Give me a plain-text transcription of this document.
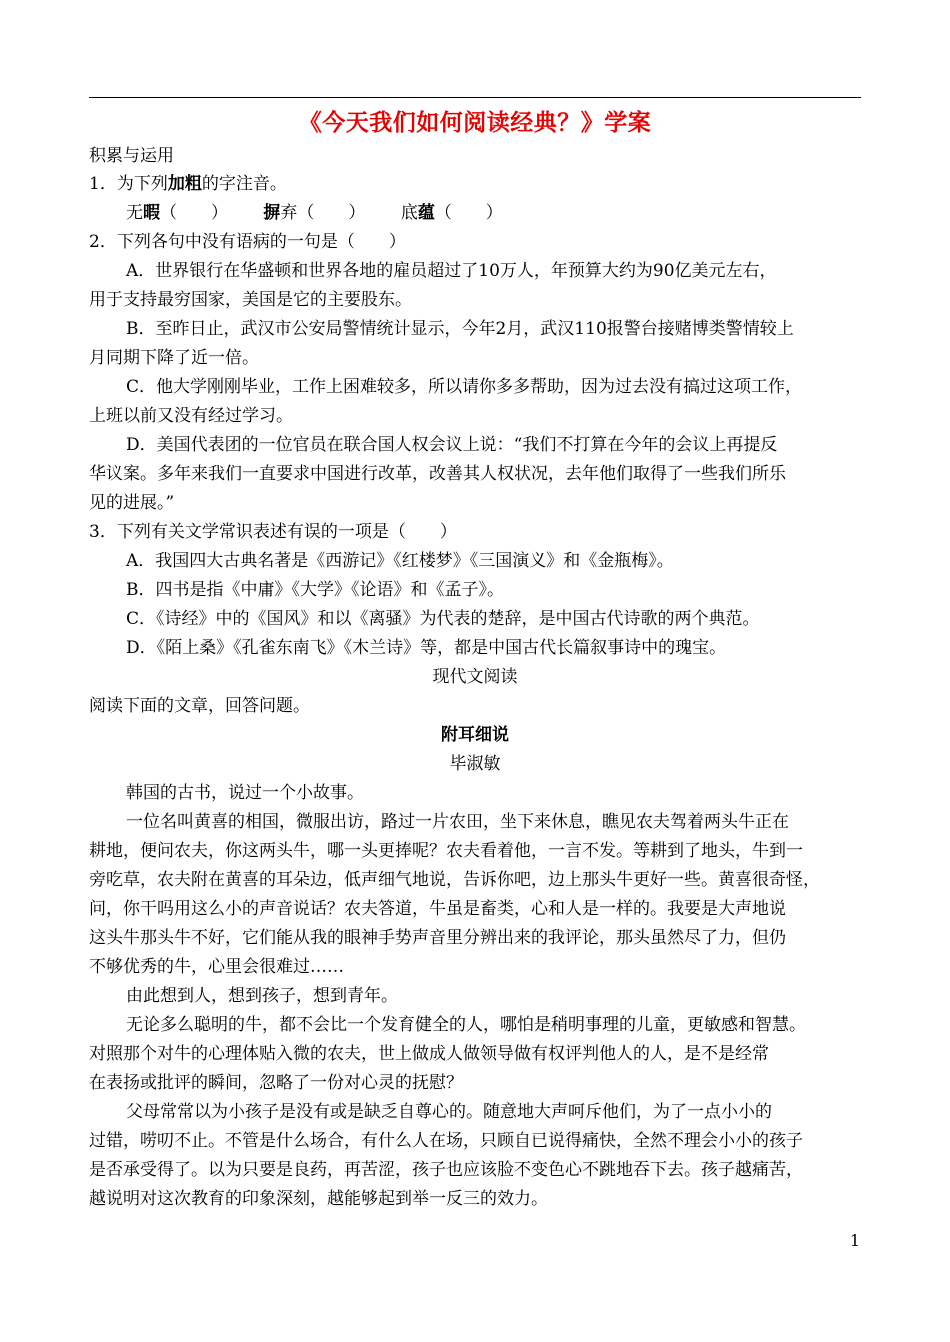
《今天我们如何阅读经典？》学案
积累与运用
1．为下列加粗的字注音。
无暇（　　） 摒弃（　　） 底蕴（　　）
2．下列各句中没有语病的一句是（　　）
A．世界银行在华盛顿和世界各地的雇员超过了10万人，年预算大约为90亿美元左右，
用于支持最穷国家，美国是它的主要股东。
B．至昨日止，武汉市公安局警情统计显示，今年2月，武汉110报警台接赌博类警情较上
月同期下降了近一倍。
C．他大学刚刚毕业，工作上困难较多，所以请你多多帮助，因为过去没有搞过这项工作，
上班以前又没有经过学习。
D．美国代表团的一位官员在联合国人权会议上说：“我们不打算在今年的会议上再提反
华议案。多年来我们一直要求中国进行改革，改善其人权状况，去年他们取得了一些我们所乐
见的进展。”
3．下列有关文学常识表述有误的一项是（　　）
A．我国四大古典名著是《西游记》《红楼梦》《三国演义》和《金瓶梅》。
B．四书是指《中庸》《大学》《论语》和《孟子》。
C．《诗经》中的《国风》和以《离骚》为代表的楚辞，是中国古代诗歌的两个典范。
D．《陌上桑》《孔雀东南飞》《木兰诗》等，都是中国古代长篇叙事诗中的瑰宝。
现代文阅读
阅读下面的文章，回答问题。
附耳细说
毕淑敏
韩国的古书，说过一个小故事。
一位名叫黄喜的相国，微服出访，路过一片农田，坐下来休息，瞧见农夫驾着两头牛正在
耕地，便问农夫，你这两头牛，哪一头更捧呢？农夫看着他，一言不发。等耕到了地头，牛到一
旁吃草，农夫附在黄喜的耳朵边，低声细气地说，告诉你吧，边上那头牛更好一些。黄喜很奇怪，
问，你干吗用这么小的声音说话？农夫答道，牛虽是畜类，心和人是一样的。我要是大声地说
这头牛那头牛不好，它们能从我的眼神手势声音里分辨出来的我评论，那头虽然尽了力，但仍
不够优秀的牛，心里会很难过……
由此想到人，想到孩子，想到青年。
无论多么聪明的牛，都不会比一个发育健全的人，哪怕是稍明事理的儿童，更敏感和智慧。
对照那个对牛的心理体贴入微的农夫，世上做成人做领导做有权评判他人的人，是不是经常
在表扬或批评的瞬间，忽略了一份对心灵的抚慰？
父母常常以为小孩子是没有或是缺乏自尊心的。随意地大声呵斥他们，为了一点小小的
过错，唠叨不止。不管是什么场合，有什么人在场，只顾自已说得痛快，全然不理会小小的孩子
是否承受得了。以为只要是良药，再苦涩，孩子也应该脸不变色心不跳地吞下去。孩子越痛苦，
越说明对这次教育的印象深刻，越能够起到举一反三的效力。
1
